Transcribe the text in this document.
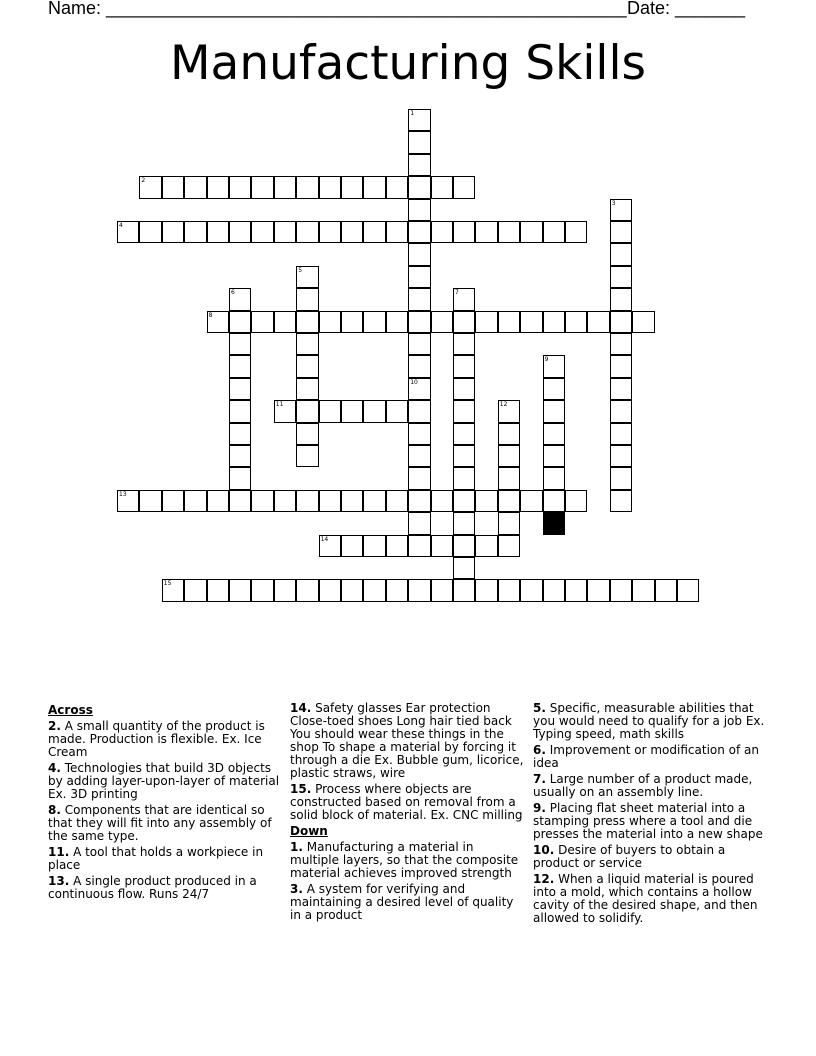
Name: ____________________________________________________ Date: _______
Manufacturing Skills
1
10
2
3
4
5
6	7
8
9
11	12
13
14
15
Across
2. A small quantity of the product is made. Production is flexible. Ex. Ice Cream
4. Technologies that build 3D objects by adding layer-upon-layer of material Ex. 3D printing
8. Components that are identical so that they will fit into any assembly of the same type.
11. A tool that holds a workpiece in place
13. A single product produced in a continuous flow. Runs 24/7
14. Safety glasses Ear protection Close-toed shoes Long hair tied back You should wear these things in the shop To shape a material by forcing it through a die Ex. Bubble gum, licorice, plastic straws, wire
15. Process where objects are constructed based on removal from a solid block of material. Ex. CNC milling
Down
1. Manufacturing a material in multiple layers, so that the composite material achieves improved strength
3. A system for verifying and maintaining a desired level of quality in a product
5. Specific, measurable abilities that you would need to qualify for a job Ex. Typing speed, math skills
6. Improvement or modification of an idea
7. Large number of a product made, usually on an assembly line.
9. Placing flat sheet material into a stamping press where a tool and die presses the material into a new shape
10. Desire of buyers to obtain a product or service
12. When a liquid material is poured into a mold, which contains a hollow cavity of the desired shape, and then allowed to solidify.
